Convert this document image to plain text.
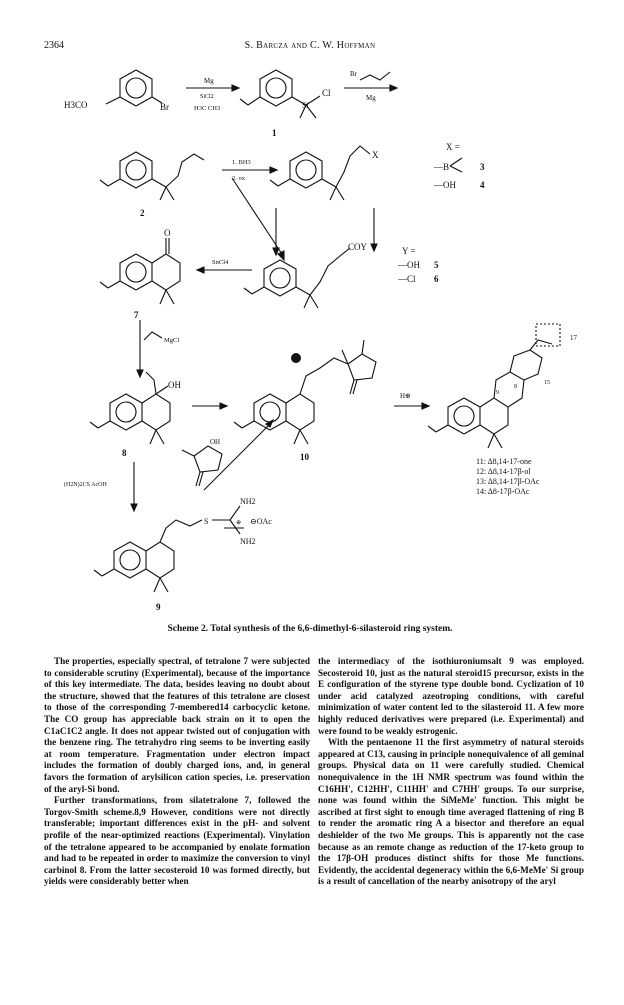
2364	S. Barcza and C. W. Hoffman
H3CO	Br
Mg
SiCl2
H3C CH3
Cl
Si
Br
Mg
1
2
1. BH3
2. ox
X
X =
—B	3
—OH	4
O
7
SnCl4
COY	Y =
—OH 5
—Cl 6
MgCl
OH
8	10
(H2N)2CS AcOH
OH
H⊕
17
9
8
15
11: Δ8,14-17-one
12: Δ8,14-17β-ol
13: Δ8,14-17β-OAc
14: Δ8-17β-OAc
NH2
NH2
S	⊖OAc
⊕
9
Scheme 2. Total synthesis of the 6,6-dimethyl-6-silasteroid ring system.

The properties, especially spectral, of tetralone 7 were subjected to considerable scrutiny (Experimental), because of the importance of this key intermediate. The data, besides leaving no doubt about the structure, showed that the features of this tetralone are closest to those of the corresponding 7-membered14 carbocyclic ketone. The CO group has appreciable back strain on it to open the C1aC1C2 angle. It does not appear twisted out of conjugation with the benzene ring. The tetrahydro ring seems to be inverting easily at room temperature. Fragmentation under electron impact includes the formation of doubly charged ions, and, in general favors the formation of arylsilicon cation species, i.e. preservation of the aryl-Si bond.

Further transformations, from silatetralone 7, followed the Torgov-Smith scheme.8,9 However, conditions were not directly transferable; important differences exist in the pH- and solvent profile of the near-optimized reactions (Experimental). Vinylation of the tetralone appeared to be accompanied by enolate formation and had to be repeated in order to maximize the conversion to vinyl carbinol 8. From the latter secosteroid 10 was formed directly, but yields were considerably better when

the intermediacy of the isothiuroniumsalt 9 was employed. Secosteroid 10, just as the natural steroid15 precursor, exists in the E configuration of the styrene type double bond. Cyclization of 10 under acid catalyzed azeotroping conditions, with careful minimization of water content led to the silasteroid 11. A few more highly reduced derivatives were prepared (i.e. Experimental) and were found to be weakly estrogenic.

With the pentaenone 11 the first asymmetry of natural steroids appeared at C13, causing in principle nonequivalence of all geminal groups. Physical data on 11 were carefully studied. Chemical nonequivalence in the 1H NMR spectrum was found within the C16HH', C12HH', C11HH' and C7HH' groups. To our surprise, none was found within the SiMeMe' function. This might be ascribed at first sight to enough time averaged flattening of ring B to render the aromatic ring A a bisector and therefore an equal deshielder of the two Me groups. This is apparently not the case because as an remote change as reduction of the 17-keto group to the 17β-OH produces distinct shifts for those Me functions. Evidently, the accidental degeneracy within the 6,6-MeMe' Si group is a result of cancellation of the nearby anisotropy of the aryl
